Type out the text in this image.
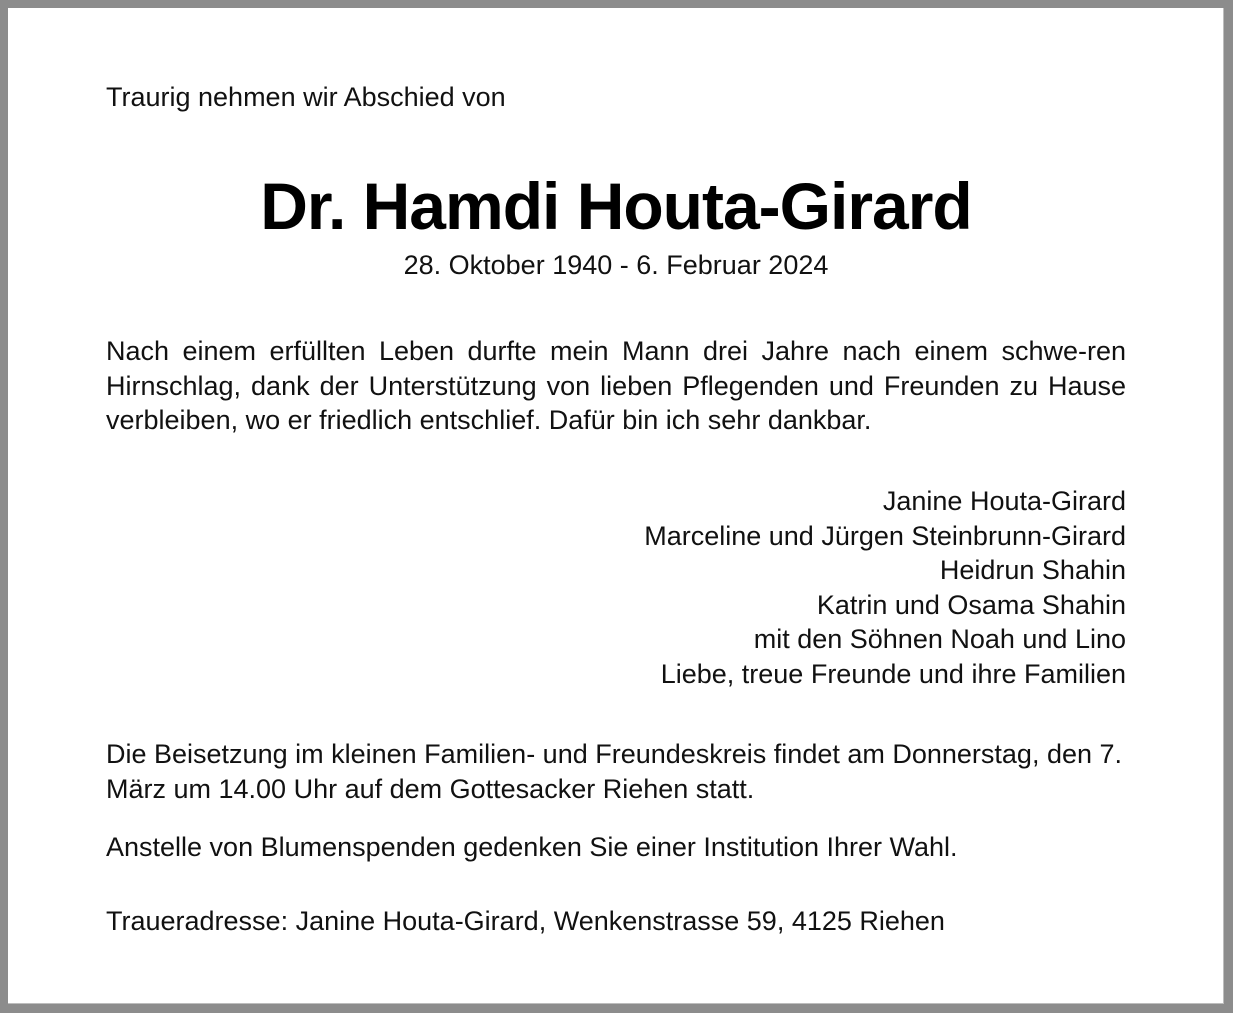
Traurig nehmen wir Abschied von
Dr. Hamdi Houta-Girard
28. Oktober 1940 - 6. Februar 2024
Nach einem erfüllten Leben durfte mein Mann drei Jahre nach einem schwe-ren Hirnschlag, dank der Unterstützung von lieben Pflegenden und Freunden zu Hause verbleiben, wo er friedlich entschlief. Dafür bin ich sehr dankbar.
Janine Houta-Girard
Marceline und Jürgen Steinbrunn-Girard
Heidrun Shahin
Katrin und Osama Shahin
mit den Söhnen Noah und Lino
Liebe, treue Freunde und ihre Familien
Die Beisetzung im kleinen Familien- und Freundeskreis findet am Donnerstag, den 7. März um 14.00 Uhr auf dem Gottesacker Riehen statt.
Anstelle von Blumenspenden gedenken Sie einer Institution Ihrer Wahl.
Traueradresse: Janine Houta-Girard, Wenkenstrasse 59, 4125 Riehen
